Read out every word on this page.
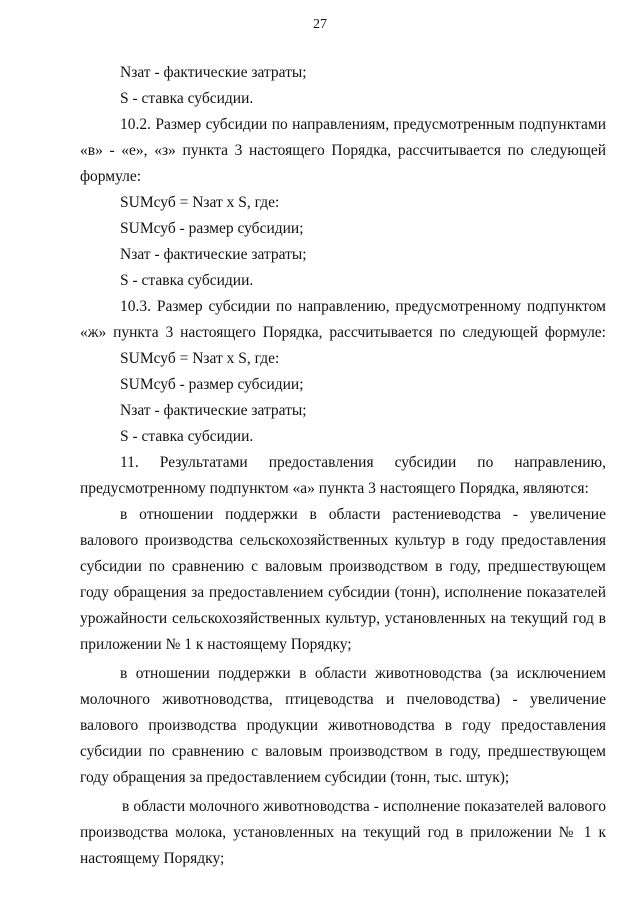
27
Nзат - фактические затраты;
S - ставка субсидии.
10.2. Размер субсидии по направлениям, предусмотренным подпунктами
«в» - «е», «з» пункта 3 настоящего Порядка, рассчитывается по следующей
формуле:
SUMсуб = Nзат x S, где:
SUMсуб - размер субсидии;
Nзат - фактические затраты;
S - ставка субсидии.
10.3. Размер субсидии по направлению, предусмотренному подпунктом
«ж» пункта 3 настоящего Порядка, рассчитывается по следующей формуле:
SUMсуб = Nзат x S, где:
SUMсуб - размер субсидии;
Nзат - фактические затраты;
S - ставка субсидии.
11. Результатами предоставления субсидии по направлению,
предусмотренному подпунктом «а» пункта 3 настоящего Порядка, являются:
в отношении поддержки в области растениеводства - увеличение
валового производства сельскохозяйственных культур в году предоставления
субсидии по сравнению с валовым производством в году, предшествующем
году обращения за предоставлением субсидии (тонн), исполнение показателей
урожайности сельскохозяйственных культур, установленных на текущий год в
приложении № 1 к настоящему Порядку;
в отношении поддержки в области животноводства (за исключением
молочного животноводства, птицеводства и пчеловодства) - увеличение
валового производства продукции животноводства в году предоставления
субсидии по сравнению с валовым производством в году, предшествующем
году обращения за предоставлением субсидии (тонн, тыс. штук);
в области молочного животноводства - исполнение показателей валового
производства молока, установленных на текущий год в приложении № 1 к
настоящему Порядку;
